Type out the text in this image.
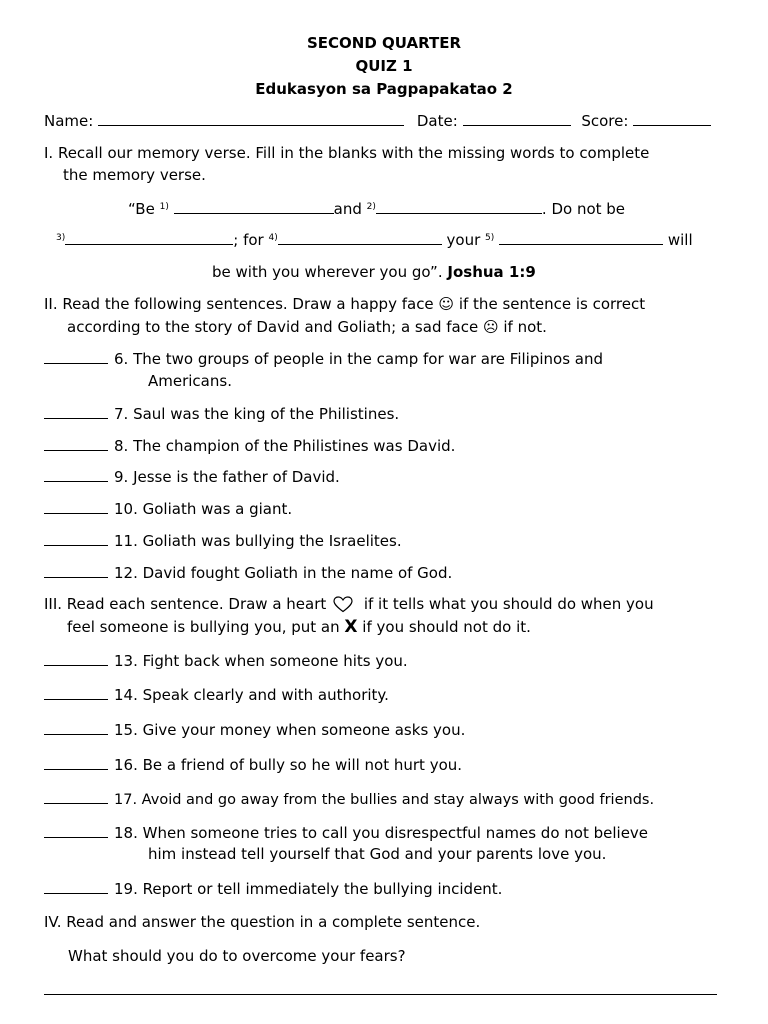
SECOND QUARTER
QUIZ 1
Edukasyon sa Pagpapakatao 2
Name:	Date:	Score:
I. Recall our memory verse. Fill in the blanks with the missing words to complete
the memory verse.
“Be $^{1)}$	and $^{2)}$	. Do not be
$^{3)}$	; for $^{4)}$	your $^{5)}$	will
be with you wherever you go”. Joshua 1:9
II. Read the following sentences. Draw a happy face ☺ if the sentence is correct
according to the story of David and Goliath; a sad face ☹ if not.
6. The two groups of people in the camp for war are Filipinos and
Americans.
7. Saul was the king of the Philistines.
8. The champion of the Philistines was David.
9. Jesse is the father of David.
10. Goliath was a giant.
11. Goliath was bullying the Israelites.
12. David fought Goliath in the name of God.
III. Read each sentence. Draw a heart	if it tells what you should do when you
feel someone is bullying you, put an X if you should not do it.
13. Fight back when someone hits you.
14. Speak clearly and with authority.
15. Give your money when someone asks you.
16. Be a friend of bully so he will not hurt you.
17. Avoid and go away from the bullies and stay always with good friends.
18. When someone tries to call you disrespectful names do not believe
him instead tell yourself that God and your parents love you.
19. Report or tell immediately the bullying incident.
IV. Read and answer the question in a complete sentence.
What should you do to overcome your fears?
